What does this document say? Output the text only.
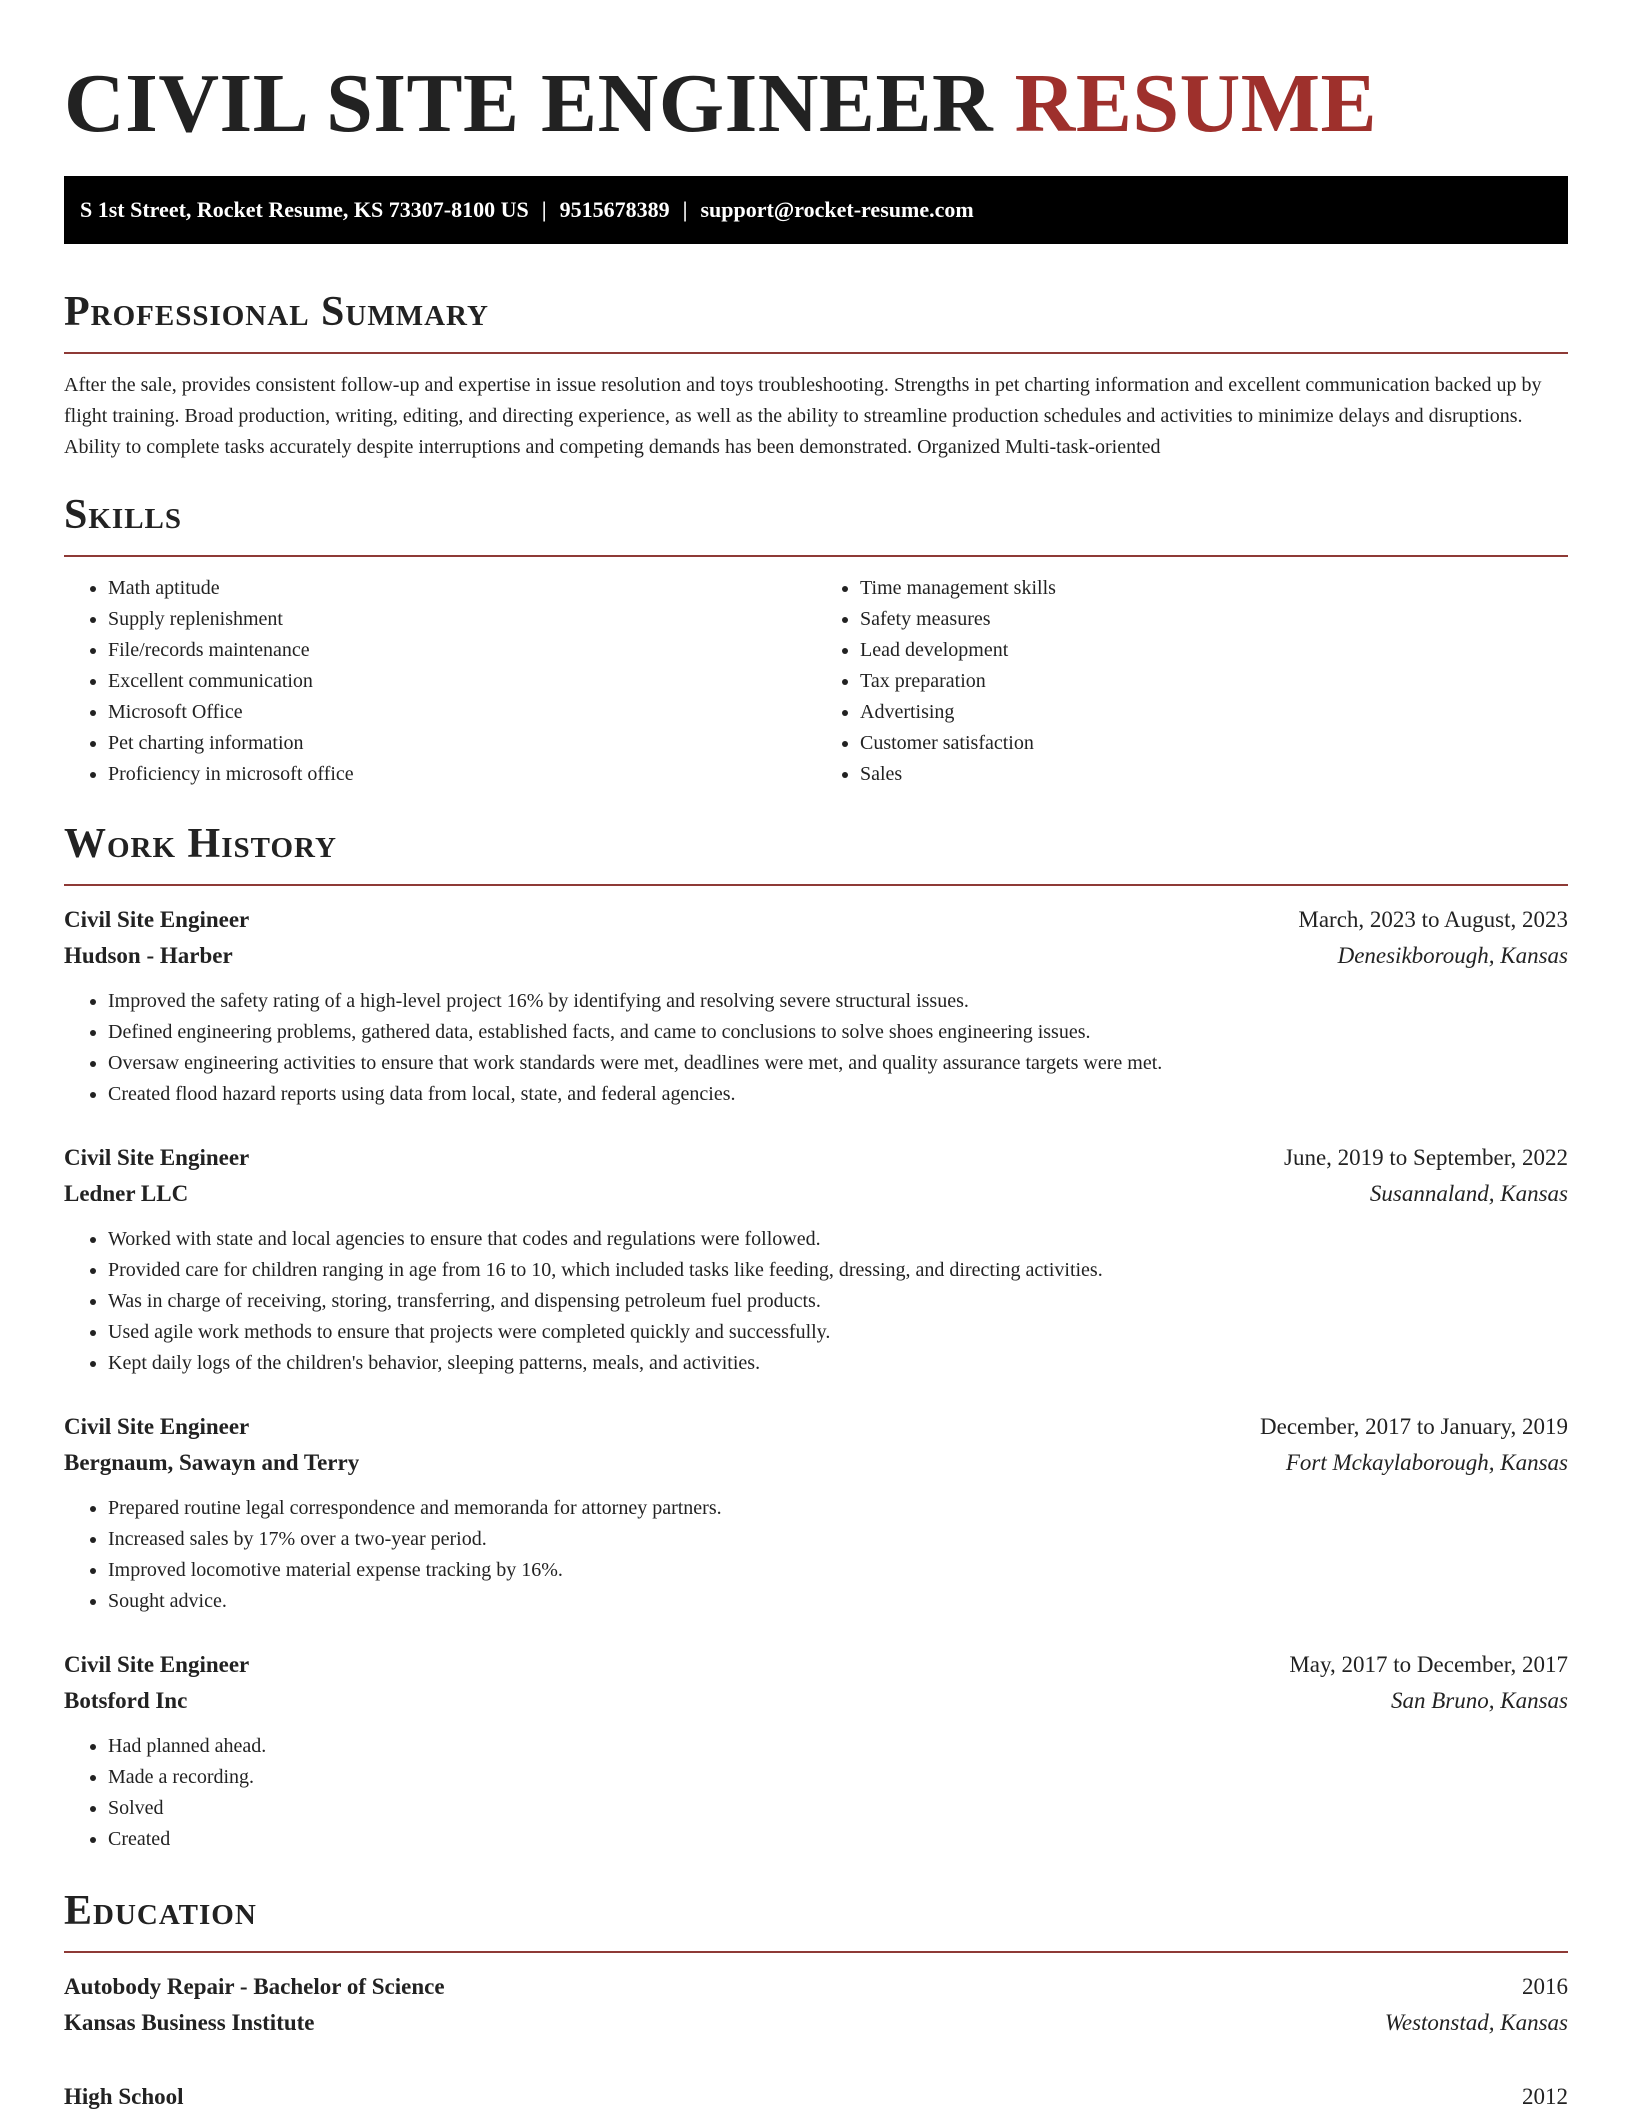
CIVIL SITE ENGINEER RESUME
S 1st Street, Rocket Resume, KS 73307-8100 US | 9515678389 | support@rocket-resume.com
Professional Summary

After the sale, provides consistent follow-up and expertise in issue resolution and toys troubleshooting. Strengths in pet charting information and excellent communication backed up by flight training. Broad production, writing, editing, and directing experience, as well as the ability to streamline production schedules and activities to minimize delays and disruptions. Ability to complete tasks accurately despite interruptions and competing demands has been demonstrated. Organized Multi-task-oriented

Skills
• Math aptitude
• Supply replenishment
• File/records maintenance
• Excellent communication
• Microsoft Office
• Pet charting information
• Proficiency in microsoft office
• Time management skills
• Safety measures
• Lead development
• Tax preparation
• Advertising
• Customer satisfaction
• Sales
Work History
Civil Site Engineer	March, 2023 to August, 2023
Hudson - Harber	Denesikborough, Kansas
• Improved the safety rating of a high-level project 16% by identifying and resolving severe structural issues.
• Defined engineering problems, gathered data, established facts, and came to conclusions to solve shoes engineering issues.
• Oversaw engineering activities to ensure that work standards were met, deadlines were met, and quality assurance targets were met.
• Created flood hazard reports using data from local, state, and federal agencies.
Civil Site Engineer	June, 2019 to September, 2022
Ledner LLC	Susannaland, Kansas
• Worked with state and local agencies to ensure that codes and regulations were followed.
• Provided care for children ranging in age from 16 to 10, which included tasks like feeding, dressing, and directing activities.
• Was in charge of receiving, storing, transferring, and dispensing petroleum fuel products.
• Used agile work methods to ensure that projects were completed quickly and successfully.
• Kept daily logs of the children's behavior, sleeping patterns, meals, and activities.
Civil Site Engineer	December, 2017 to January, 2019
Bergnaum, Sawayn and Terry	Fort Mckaylaborough, Kansas
• Prepared routine legal correspondence and memoranda for attorney partners.
• Increased sales by 17% over a two-year period.
• Improved locomotive material expense tracking by 16%.
• Sought advice.
Civil Site Engineer	May, 2017 to December, 2017
Botsford Inc	San Bruno, Kansas
• Had planned ahead.
• Made a recording.
• Solved
• Created
Education
Autobody Repair - Bachelor of Science	2016
Kansas Business Institute	Westonstad, Kansas
High School	2012
